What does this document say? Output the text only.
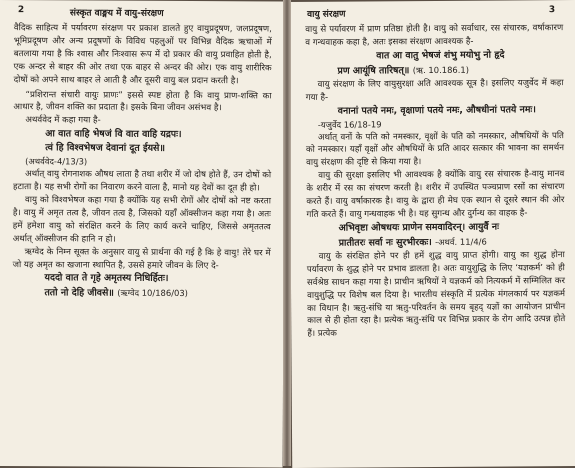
2	संस्कृत वाङ्मय में वायु-संरक्षण

वैदिक साहित्य में पर्यावरण संरक्षण पर प्रकाश डालते हुए वायुप्रदूषण, जलप्रदूषण, भूमिप्रदूषण और अन्य प्रदूषणों के विविध पहलुओं पर विभिन्न वैदिक ऋचाओं में बतलाया गया है कि श्वास और निःश्वास रूप में दो प्रकार की वायु प्रवाहित होती है, एक अन्दर से बाहर की ओर तथा एक बाहर से अन्दर की ओर। एक वायु शारीरिक दोषों को अपने साथ बाहर ले आती है और दूसरी वायु बल प्रदान करती है।

“प्रशिरान्त संचारी वायुः प्राणः” इससे स्पष्ट होता है कि वायु प्राण-शक्ति का आधार है, जीवन शक्ति का प्रदाता है। इसके बिना जीवन असंभव है।

अथर्ववेद में कहा गया है-

आ वात वाहि भेषजं वि वात वाहि यद्रपः।

त्वं हि विश्वभेषज देवानां दूत ईयसे॥

(अथर्ववेद-4/13/3)

अर्थात् वायु रोगनाशक औषध लाता है तथा शरीर में जो दोष होते हैं, उन दोषों को हटाता है। यह सभी रोगों का निवारण करने वाला है, मानो यह देवों का दूत ही हो।

वायु को विश्वभेषज कहा गया है क्योंकि यह सभी रोगों और दोषों को नष्ट करता है। वायु में अमृत तत्व है, जीवन तत्व है, जिसको यहाँ ऑक्सीजन कहा गया है। अतः हमें हमेशा वायु को संरक्षित करने के लिए कार्य करने चाहिए, जिससे अमृततत्व अर्थात् ऑक्सीजन की हानि न हो।

ऋग्वेद के निम्न सूक्त के अनुसार वायु से प्रार्थना की गई है कि हे वायु! तेरे घर में जो यह अमृत का खजाना स्थापित है, उससे हमारे जीवन के लिए दे-

यददो वात ते गृहे अमृतस्य निधिर्हितः।

ततो नो देहि जीवसे॥ (ऋग्वेद 10/186/03)

वायु संरक्षण	3

वायु से पर्यावरण में प्राण प्रतिष्ठा होती है। वायु को सर्वाधार, रस संचारक, वर्षाकारण व गन्धवाहक कहा है, अतः इसका संरक्षण आवश्यक है-

वात आ वातु भेषजं शंभु मयोभु नो हृदे

प्रण आयूंषि तारिषत्॥ (ऋ. 10.186.1)

वायु संरक्षण के लिए वायुसुरक्षा अति आवश्यक सूत्र है। इसलिए यजुर्वेद में कहा गया है-

वनानां पतये नमः, वृक्षाणां पतये नमः, औषधीनां पतये नमः।

-यजुर्वेद 16/18-19

अर्थात् वनों के पति को नमस्कार, वृक्षों के पति को नमस्कार, औषधियों के पति को नमस्कार। यहाँ वृक्षों और औषधियों के प्रति आदर सत्कार की भावना का समर्थन वायु संरक्षण की दृष्टि से किया गया है।

वायु की सुरक्षा इसलिए भी आवश्यक है क्योंकि वायु रस संचारक है-वायु मानव के शरीर में रस का संचरण करती है। शरीर में उपस्थित पञ्चप्राण रसों का संचारण करते हैं। वायु वर्षाकारक है। वायु के द्वारा ही मेघ एक स्थान से दूसरे स्थान की ओर गति करते हैं। वायु गन्धवाहक भी है। यह सुगन्ध और दुर्गन्ध का वाहक है-

अभिवृष्टा ओषधयः प्राणेन समवादिरन्। आयुर्वै नः

प्रातीतरः सर्वा नः सुरभीरकः। -अथर्व. 11/4/6

वायु के संरक्षित होने पर ही हमें शुद्ध वायु प्राप्त होगी। वायु का शुद्ध होना पर्यावरण के शुद्ध होने पर प्रभाव डालता है। अतः वायुशुद्धि के लिए ‘यज्ञकर्म’ को ही सर्वश्रेष्ठ साधन कहा गया है। प्राचीन ऋषियों ने यज्ञकर्म को नित्यकर्म में सम्मिलित कर वायुशुद्धि पर विशेष बल दिया है। भारतीय संस्कृति में प्रत्येक मंगलकार्य पर यज्ञकर्म का विधान है। ऋतु-संधि या ऋतु-परिवर्तन के समय बृहद् यज्ञों का आयोजन प्राचीन काल से ही होता रहा है। प्रत्येक ऋतु-संधि पर विभिन्न प्रकार के रोग आदि उत्पन्न होते हैं। प्रत्येक
